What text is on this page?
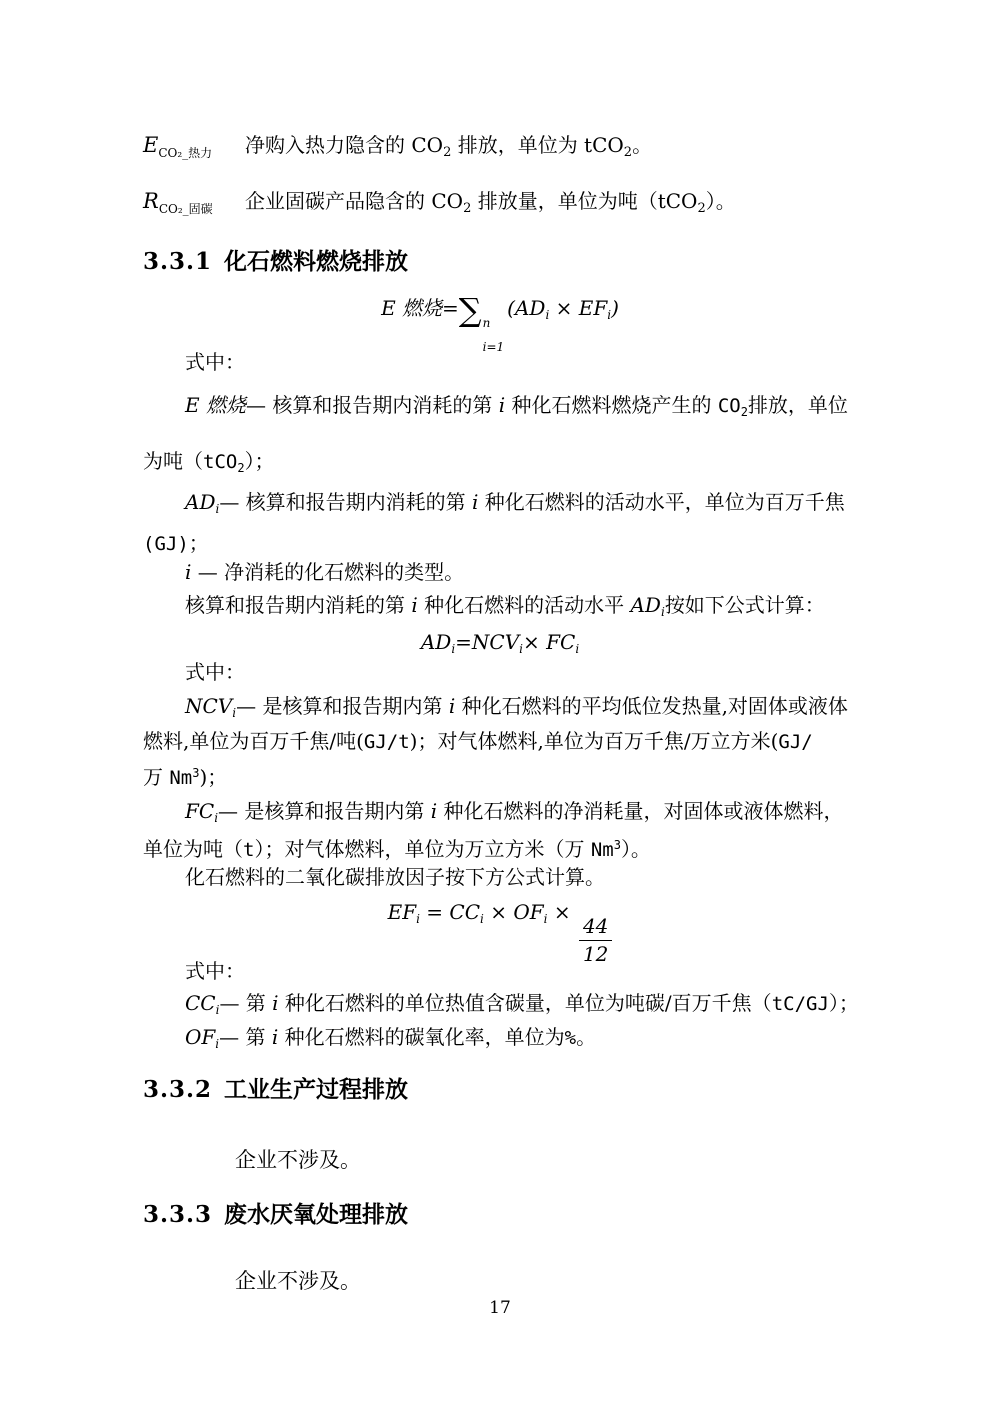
$E_{CO_2\_热力}$ 净购入热力隐含的 $CO_2$ 排放，单位为 tCO$_2$。
$R_{CO_2\_固碳}$ 企业固碳产品隐含的 $CO_2$ 排放量，单位为吨（tCO$_2$）。
3.3.1 化石燃料燃烧排放
E 燃烧=∑ n
i=1
$(AD_i \times EF_i)$
式中：
E 燃烧— 核算和报告期内消耗的第 i 种化石燃料燃烧产生的 $CO_2$排放，单位
为吨（tCO$_2$）；
$AD_i—$ 核算和报告期内消耗的第 i 种化石燃料的活动水平，单位为百万千焦
(GJ)；
i — 净消耗的化石燃料的类型。
核算和报告期内消耗的第 i 种化石燃料的活动水平 $AD_i$按如下公式计算：
$AD_i=NCV_i\times FC_i$
式中：
$NCV_i—$ 是核算和报告期内第 i 种化石燃料的平均低位发热量,对固体或液体
燃料,单位为百万千焦/吨(GJ/t)；对气体燃料,单位为百万千焦/万立方米(GJ/
万 Nm$^3$)；
$FC_i—$ 是核算和报告期内第 i 种化石燃料的净消耗量，对固体或液体燃料，
单位为吨（t）；对气体燃料，单位为万立方米（万 Nm$^3$）。
化石燃料的二氧化碳排放因子按下方公式计算。
$EF_i = CC_i \times OF_i$ ×
$\frac{44}{12}$
式中：
$CC_i—$ 第 i 种化石燃料的单位热值含碳量，单位为吨碳/百万千焦（tC/GJ）；
$OF_i—$ 第 i 种化石燃料的碳氧化率，单位为%。
3.3.2 工业生产过程排放
企业不涉及。
3.3.3 废水厌氧处理排放
企业不涉及。
17
